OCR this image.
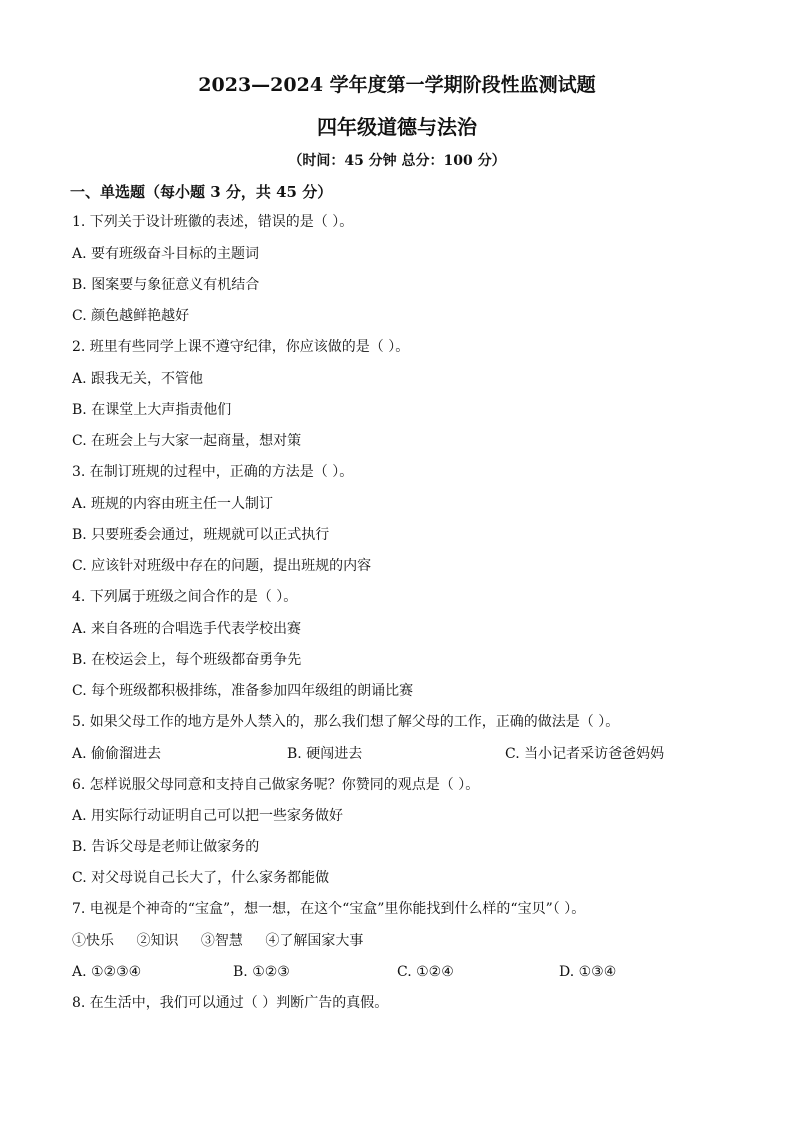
2023—2024 学年度第一学期阶段性监测试题
四年级道德与法治
（时间：45 分钟 总分：100 分）
一、单选题（每小题 3 分，共 45 分）
1. 下列关于设计班徽的表述，错误的是（ ）。
A. 要有班级奋斗目标的主题词
B. 图案要与象征意义有机结合
C. 颜色越鲜艳越好
2. 班里有些同学上课不遵守纪律，你应该做的是（ ）。
A. 跟我无关，不管他
B. 在课堂上大声指责他们
C. 在班会上与大家一起商量，想对策
3. 在制订班规的过程中，正确的方法是（ ）。
A. 班规的内容由班主任一人制订
B. 只要班委会通过，班规就可以正式执行
C. 应该针对班级中存在的问题，提出班规的内容
4. 下列属于班级之间合作的是（ ）。
A. 来自各班的合唱选手代表学校出赛
B. 在校运会上，每个班级都奋勇争先
C. 每个班级都积极排练，准备参加四年级组的朗诵比赛
5. 如果父母工作的地方是外人禁入的，那么我们想了解父母的工作，正确的做法是（ ）。
A. 偷偷溜进去	B. 硬闯进去	C. 当小记者采访爸爸妈妈
6. 怎样说服父母同意和支持自己做家务呢？你赞同的观点是（ ）。
A. 用实际行动证明自己可以把一些家务做好
B. 告诉父母是老师让做家务的
C. 对父母说自己长大了，什么家务都能做
7. 电视是个神奇的“宝盒”，想一想，在这个“宝盒”里你能找到什么样的“宝贝”（ ）。
①快乐 ②知识 ③智慧 ④了解国家大事
A. ①②③④	B. ①②③	C. ①②④	D. ①③④
8. 在生活中，我们可以通过（ ）判断广告的真假。
